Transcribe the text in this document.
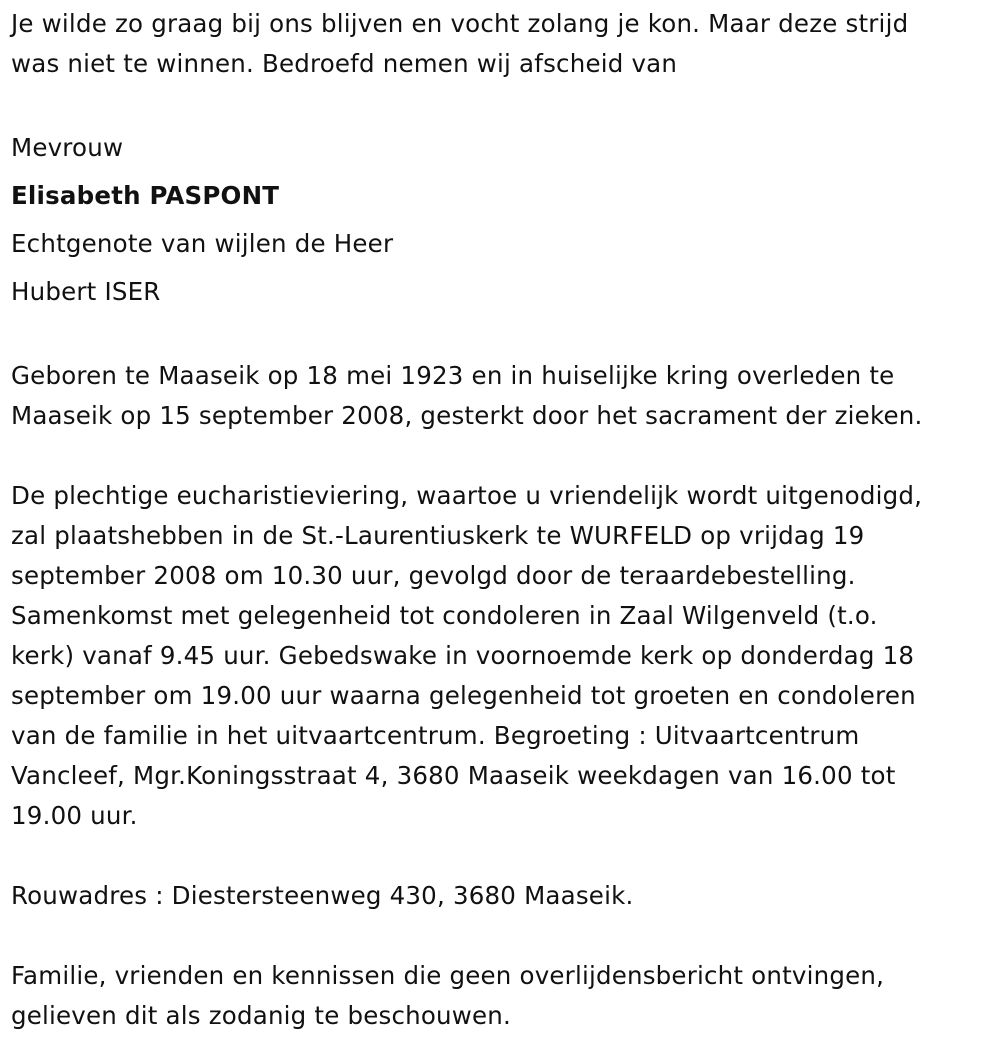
Je wilde zo graag bij ons blijven en vocht zolang je kon. Maar deze strijd
was niet te winnen. Bedroefd nemen wij afscheid van

Mevrouw
Elisabeth PASPONT
Echtgenote van wijlen de Heer
Hubert ISER

Geboren te Maaseik op 18 mei 1923 en in huiselijke kring overleden te
Maaseik op 15 september 2008, gesterkt door het sacrament der zieken.

De plechtige eucharistieviering, waartoe u vriendelijk wordt uitgenodigd,
zal plaatshebben in de St.-Laurentiuskerk te WURFELD op vrijdag 19
september 2008 om 10.30 uur, gevolgd door de teraardebestelling.
Samenkomst met gelegenheid tot condoleren in Zaal Wilgenveld (t.o.
kerk) vanaf 9.45 uur. Gebedswake in voornoemde kerk op donderdag 18
september om 19.00 uur waarna gelegenheid tot groeten en condoleren
van de familie in het uitvaartcentrum. Begroeting : Uitvaartcentrum
Vancleef, Mgr.Koningsstraat 4, 3680 Maaseik weekdagen van 16.00 tot
19.00 uur.

Rouwadres : Diestersteenweg 430, 3680 Maaseik.

Familie, vrienden en kennissen die geen overlijdensbericht ontvingen,
gelieven dit als zodanig te beschouwen.
